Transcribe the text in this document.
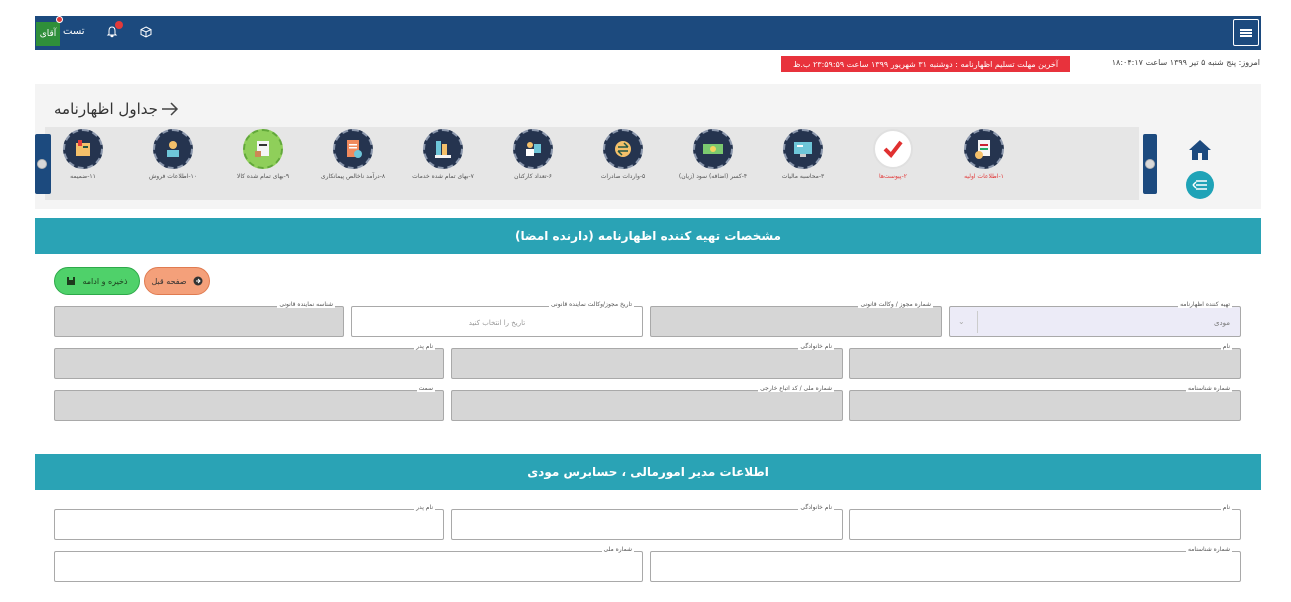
آقای تست
امروز: پنج شنبه ۵ تیر ۱۳۹۹ ساعت ۱۸:۰۴:۱۷
آخرین مهلت تسلیم اظهارنامه : دوشنبه ۳۱ شهریور ۱۳۹۹ ساعت ۲۳:۵۹:۵۹ ب.ظ
جداول اظهارنامه
۱-اطلاعات اولیه
۲-پیوست‌ها
۳-محاسبه مالیات
۴-کسر (اضافه) سود (زیان)
۵-واردات صادرات
۶-تعداد کارکنان
۷-بهای تمام شده خدمات
۸-درآمد ناخالص پیمانکاری
۹-بهای تمام شده کالا
۱۰-اطلاعات فروش
۱۱-ضمیمه
مشخصات تهیه کننده اظهارنامه (دارنده امضا)
صفحه قبل
ذخیره و ادامه
تهیه کننده اظهارنامه
مودی
⌄
شماره مجوز / وکالت قانونی
تاریخ مجوز/وکالت نماینده قانونی
تاریخ را انتخاب کنید
شناسه نماینده قانونی
نام
نام خانوادگی
نام پدر
شماره شناسنامه
شماره ملی / کد اتباع خارجی
سمت
اطلاعات مدیر امورمالی ، حسابرس مودی
نام
نام خانوادگی
نام پدر
شماره شناسنامه
شماره ملی
